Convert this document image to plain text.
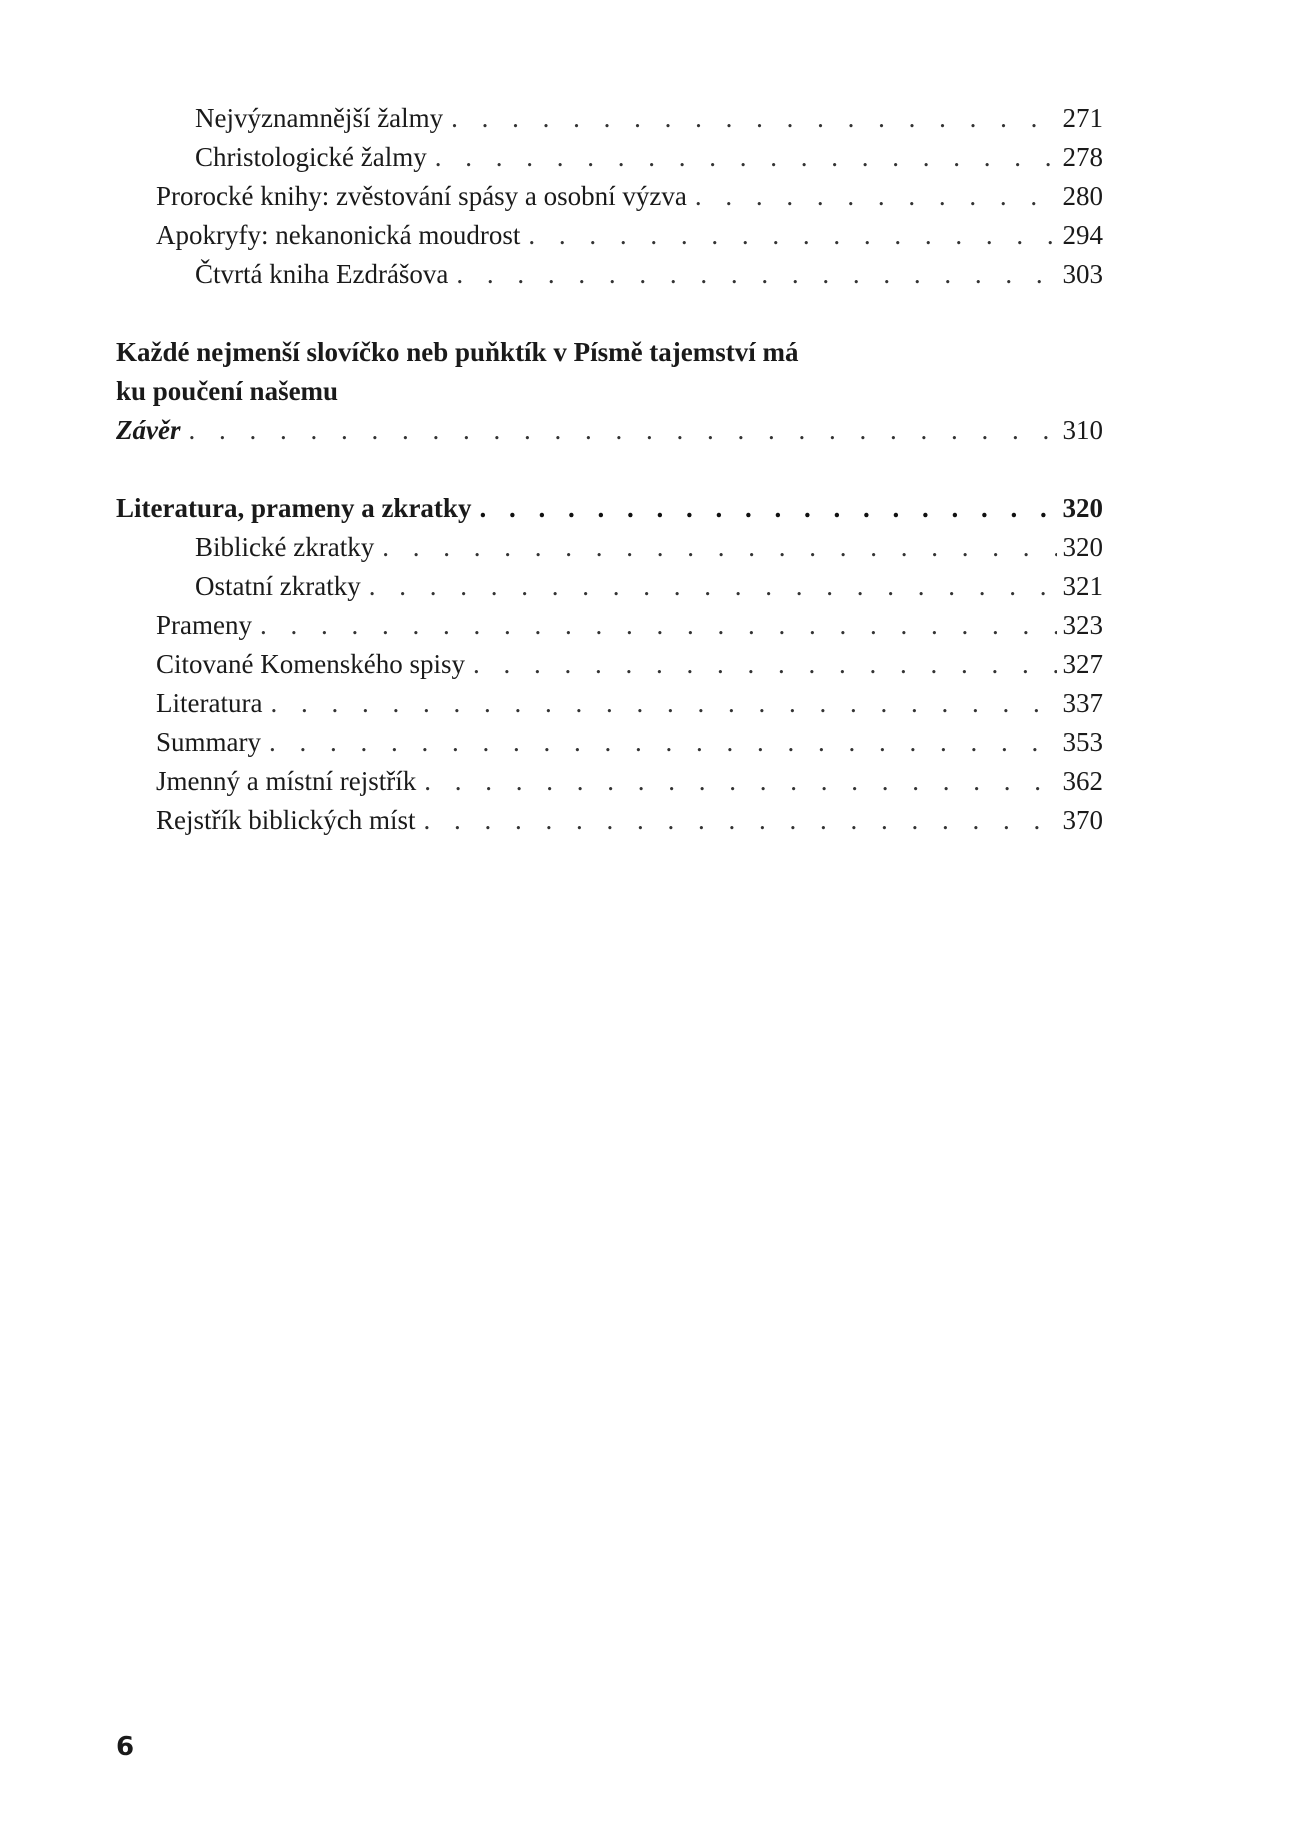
Nejvýznamnější žalmy . . .	271
Christologické žalmy . . .	278
Prorocké knihy: zvěstování spásy a osobní výzva . . .	280
Apokryfy: nekanonická moudrost . . .	294
Čtvrtá kniha Ezdrášova . . .	303
Každé nejmenší slovíčko neb puňktík v Písmě tajemství má
ku poučení našemu
Závěr . . .	310
Literatura, prameny a zkratky . . .	320
Biblické zkratky . . .	320
Ostatní zkratky . . .	321
Prameny . . .	323
Citované Komenského spisy . . .	327
Literatura . . .	337
Summary . . .	353
Jmenný a místní rejstřík . . .	362
Rejstřík biblických míst . . .	370
6
